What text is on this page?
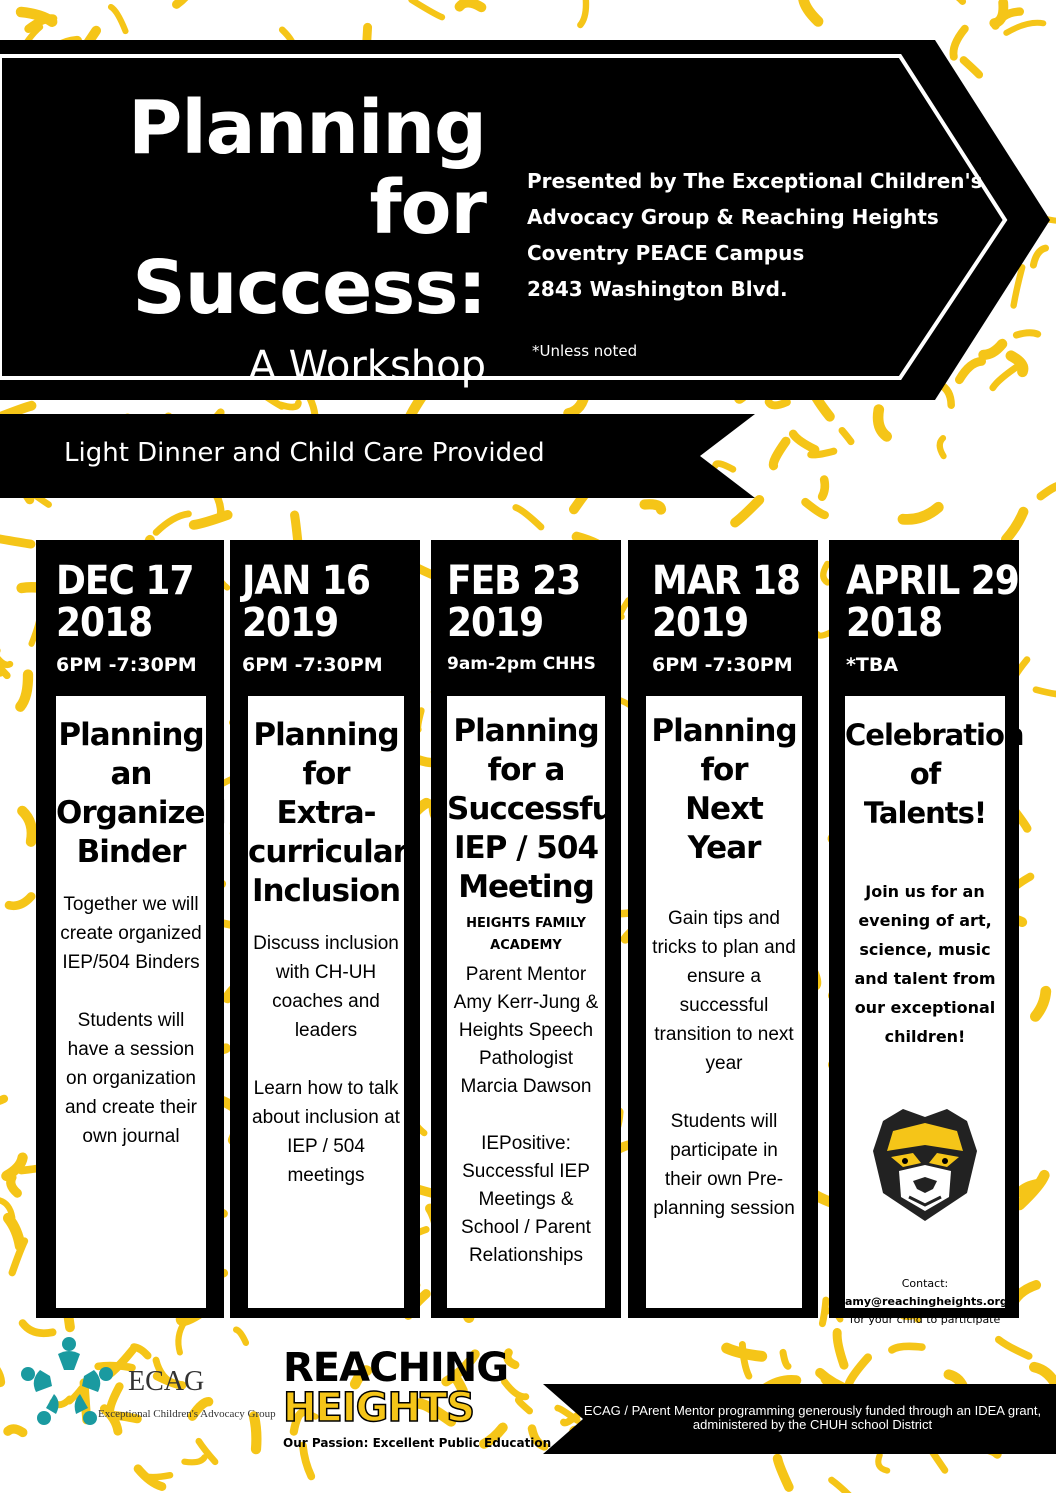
Planning for
Success:
A Workshop
Presented by The Exceptional Children's
Advocacy Group & Reaching Heights
Coventry PEACE Campus
2843 Washington Blvd.
*Unless noted
Light Dinner and Child Care Provided
DEC 17
2018
6PM -7:30PM
Planning
an
Organized
Binder
Together we will create organized IEP/504 Binders
Students will have a session on organization and create their own journal
JAN 16
2019
6PM -7:30PM
Planning
for
Extra-
curricular
Inclusion
Discuss inclusion with CH-UH coaches and leaders
Learn how to talk about inclusion at IEP / 504 meetings
FEB 23
2019
9am-2pm CHHS
Planning
for a
Successful
IEP / 504
Meeting
HEIGHTS FAMILY ACADEMY
Parent Mentor Amy Kerr-Jung & Heights Speech Pathologist Marcia Dawson
IEPositive: Successful IEP Meetings & School / Parent Relationships
MAR 18
2019
6PM -7:30PM
Planning
for
Next Year
Gain tips and tricks to plan and ensure a successful transition to next year
Students will participate in their own Pre-planning session
APRIL 29
2018
*TBA
Celebration
of Talents!
Join us for an evening of art, science, music and talent from our exceptional children!
Contact:
amy@reachingheights.org
for your child to participate
ECAG
Exceptional Children's Advocacy Group
REACHING
HEIGHTS
Our Passion: Excellent Public Education
ECAG / PArent Mentor programming generously funded through an IDEA grant, administered by the CHUH school District
